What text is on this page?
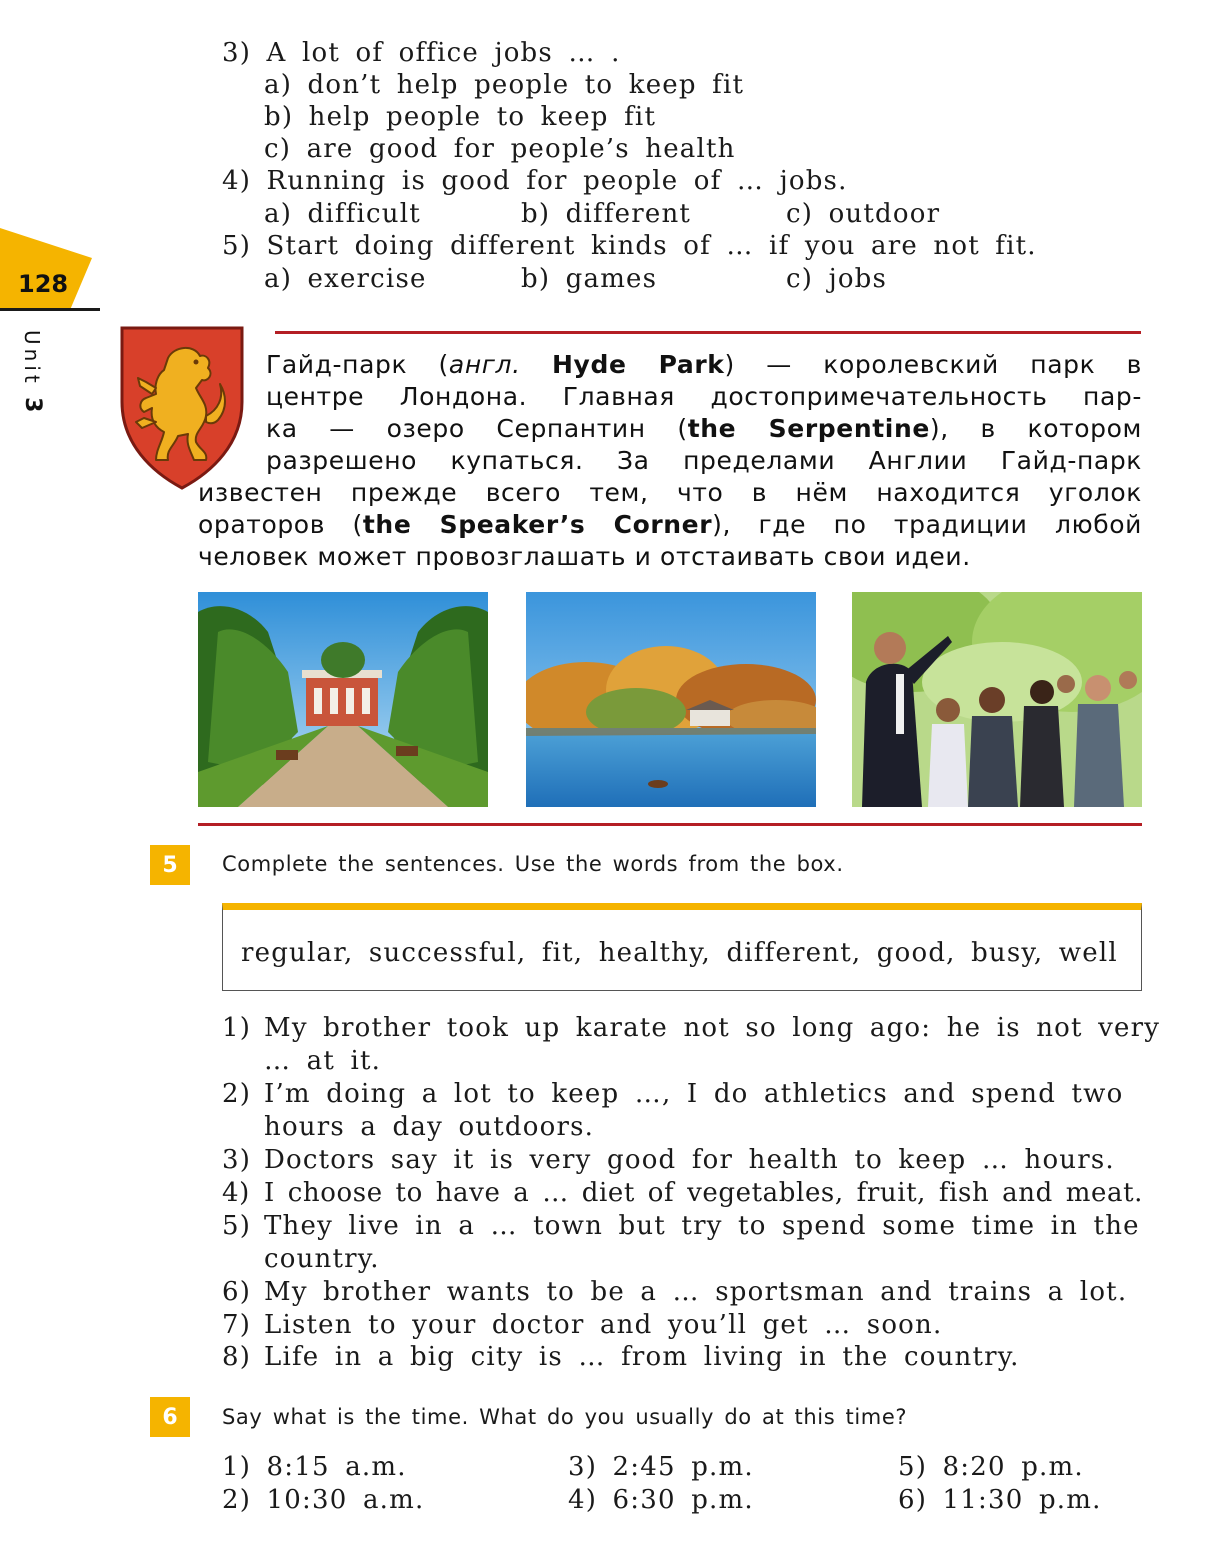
128
Unit 3
3) A lot of office jobs … .
a) don’t help people to keep fit
b) help people to keep fit
c) are good for people’s health
4) Running is good for people of … jobs.
a) difficult	b) different	c) outdoor
5) Start doing different kinds of … if you are not fit.
a) exercise	b) games	c) jobs
Гайд-парк (англ. Hyde Park) — королевский парк в
центре Лондона. Главная достопримечательность пар-
ка — озеро Серпантин (the Serpentine), в котором
разрешено купаться. За пределами Англии Гайд-парк
известен прежде всего тем, что в нём находится уголок
ораторов (the Speaker’s Corner), где по традиции любой
человек может провозглашать и отстаивать свои идеи.
5	Complete the sentences. Use the words from the box.
regular, successful, fit, healthy, different, good, busy, well
1) My brother took up karate not so long ago: he is not very
… at it.
2) I’m doing a lot to keep …, I do athletics and spend two
hours a day outdoors.
3) Doctors say it is very good for health to keep … hours.
4) I choose to have a … diet of vegetables, fruit, fish and meat.
5) They live in a … town but try to spend some time in the
country.
6) My brother wants to be a … sportsman and trains a lot.
7) Listen to your doctor and you’ll get … soon.
8) Life in a big city is … from living in the country.
6	Say what is the time. What do you usually do at this time?
1) 8:15 a.m.
2) 10:30 a.m.
3) 2:45 p.m.
4) 6:30 p.m.
5) 8:20 p.m.
6) 11:30 p.m.
